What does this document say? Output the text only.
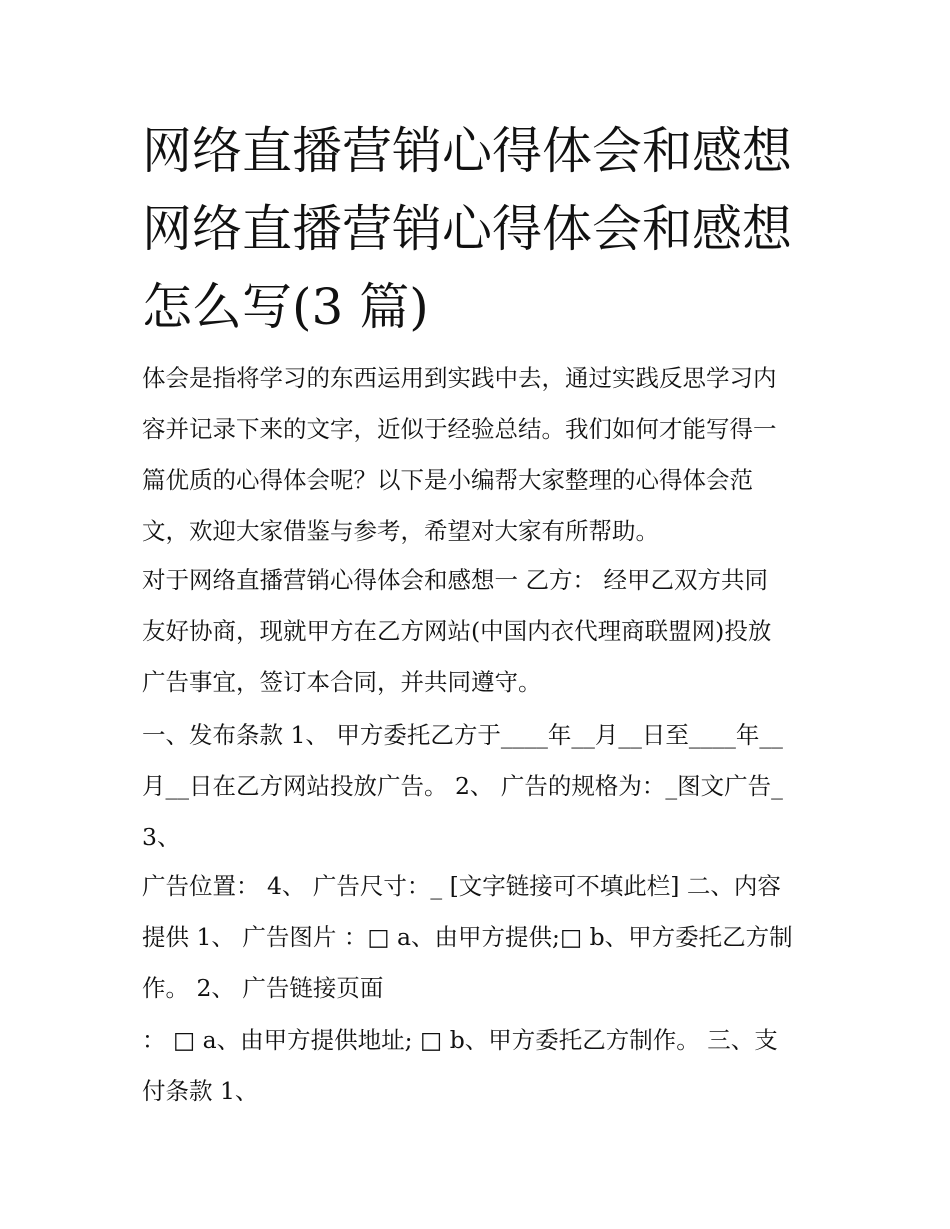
网络直播营销心得体会和感想
网络直播营销心得体会和感想
怎么写(3 篇)

体会是指将学习的东西运用到实践中去，通过实践反思学习内
容并记录下来的文字，近似于经验总结。我们如何才能写得一
篇优质的心得体会呢？以下是小编帮大家整理的心得体会范
文，欢迎大家借鉴与参考，希望对大家有所帮助。

对于网络直播营销心得体会和感想一 乙方： 经甲乙双方共同
友好协商，现就甲方在乙方网站(中国内衣代理商联盟网)投放
广告事宜，签订本合同，并共同遵守。

一、发布条款 1、 甲方委托乙方于____年__月__日至____年__
月__日在乙方网站投放广告。 2、 广告的规格为：_图文广告_
3、

广告位置： 4、 广告尺寸：_ [文字链接可不填此栏] 二、内容
提供 1、 广告图片 ：□ a、由甲方提供;□ b、甲方委托乙方制
作。 2、 广告链接页面

： □ a、由甲方提供地址; □ b、甲方委托乙方制作。 三、支
付条款 1、
